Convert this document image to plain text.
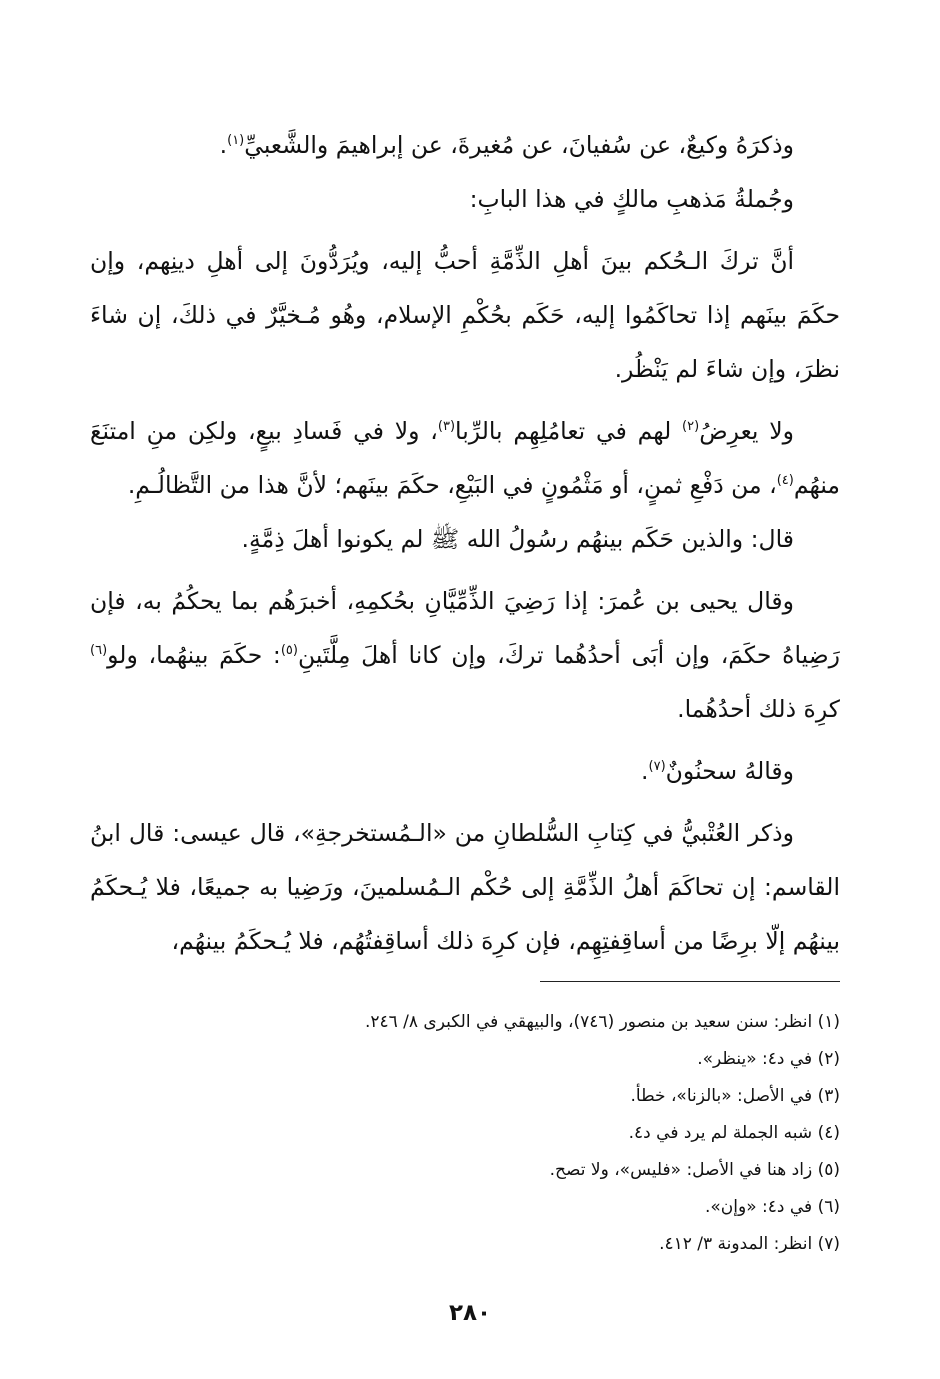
وذكرَهُ وكيعٌ، عن سُفيانَ، عن مُغيرةَ، عن إبراهيمَ والشَّعبيِّ$^{(١)}$.

وجُملةُ مَذهبِ مالكٍ في هذا البابِ:

أنَّ تركَ الـحُكم بينَ أهلِ الذِّمَّةِ أحبُّ إليه، ويُرَدُّونَ إلى أهلِ دينِهم، وإن حكَمَ بينَهم إذا تحاكَمُوا إليه، حَكَم بحُكْمِ الإسلام، وهُو مُـخيَّرٌ في ذلكَ، إن شاءَ نظرَ، وإن شاءَ لم يَنْظُر.

ولا يعرِضُ$^{(٢)}$ لهم في تعامُلِهِم بالرِّبا$^{(٣)}$، ولا في فَسادِ بيعٍ، ولكِن منِ امتنَعَ منهُم$^{(٤)}$، من دَفْعِ ثمنٍ، أو مَثْمُونٍ في البَيْعِ، حكَمَ بينَهم؛ لأنَّ هذا من التَّظالُـمِ.

قال: والذين حَكَم بينهُم رسُولُ الله ﷺ لم يكونوا أهلَ ذِمَّةٍ.

وقال يحيى بن عُمرَ: إذا رَضِيَ الذِّمِّيَّانِ بحُكمِهِ، أخبرَهُم بما يحكُمُ به، فإن رَضِياهُ حكَمَ، وإن أبَى أحدُهُما تركَ، وإن كانا أهلَ مِلَّتَينِ$^{(٥)}$: حكَمَ بينهُما، ولو$^{(٦)}$ كرِهَ ذلك أحدُهُما.

وقالهُ سحنُونٌ$^{(٧)}$.

وذكر العُتْبيُّ في كِتابِ السُّلطانِ من «الـمُستخرجةِ»، قال عيسى: قال ابنُ القاسم: إن تحاكَمَ أهلُ الذِّمَّةِ إلى حُكْم الـمُسلمينَ، ورَضِيا به جميعًا، فلا يُـحكَمُ بينهُم إلّا برِضًا من أساقِفتِهِم، فإن كرِهَ ذلك أساقِفتُهُم، فلا يُـحكَمُ بينهُم،

(١) انظر: سنن سعيد بن منصور (٧٤٦)، والبيهقي في الكبرى ٨/ ٢٤٦.

(٢) في د٤: «ينظر».

(٣) في الأصل: «بالزنا»، خطأ.

(٤) شبه الجملة لم يرد في د٤.

(٥) زاد هنا في الأصل: «فليس»، ولا تصح.

(٦) في د٤: «وإن».

(٧) انظر: المدونة ٣/ ٤١٢.

٢٨٠
